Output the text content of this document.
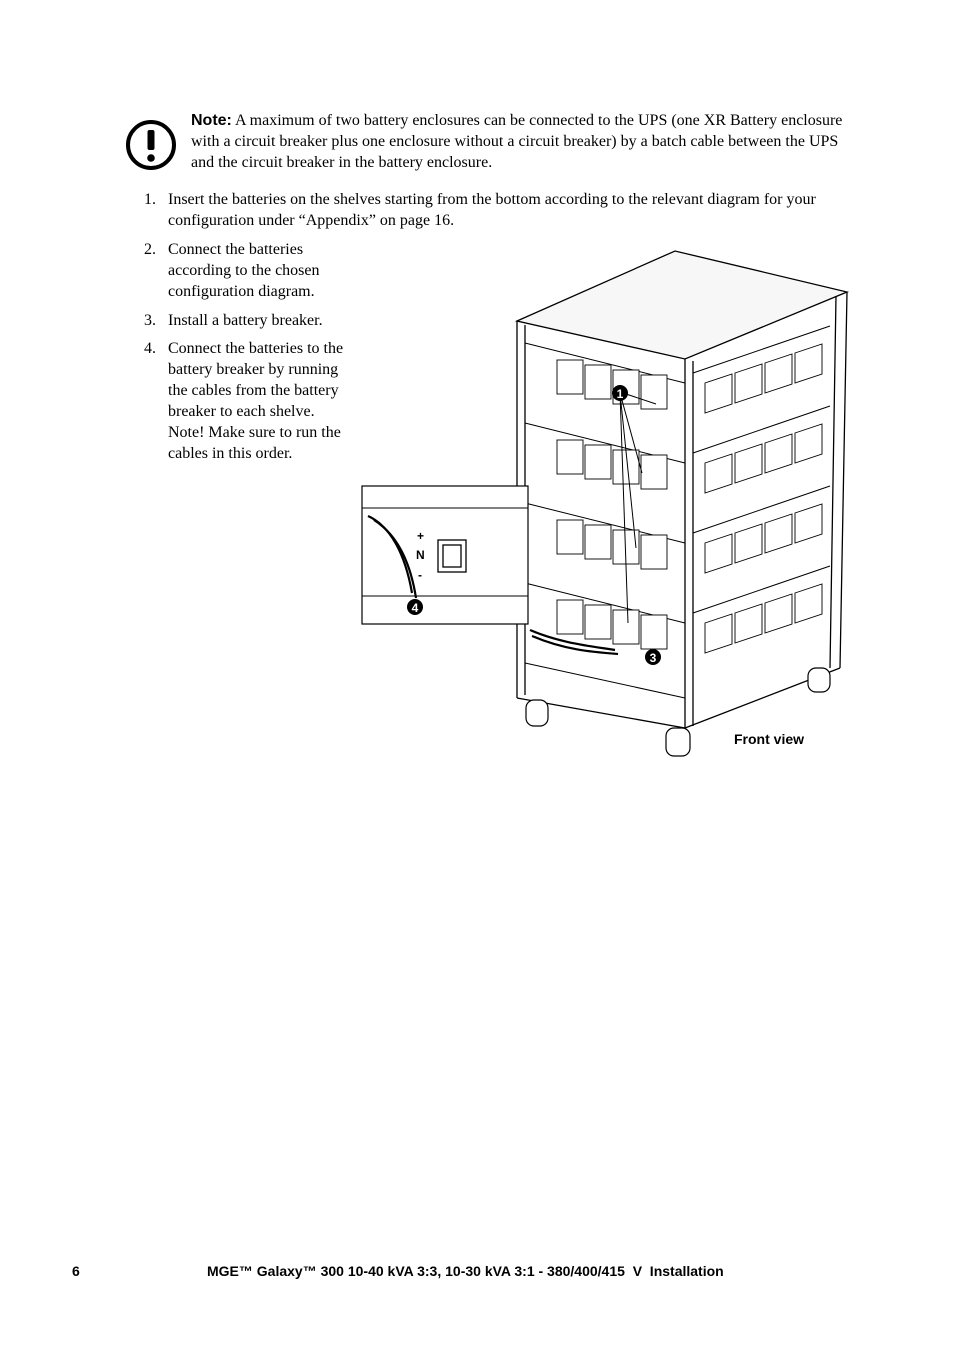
Note: A maximum of two battery enclosures can be connected to the UPS (one XR Battery enclosure with a circuit breaker plus one enclosure without a circuit breaker) by a batch cable between the UPS and the circuit breaker in the battery enclosure.
1. Insert the batteries on the shelves starting from the bottom according to the relevant diagram for your configuration under “Appendix” on page 16.
2. Connect the batteries according to the chosen configuration diagram.
3. Install a battery breaker.
4. Connect the batteries to the battery breaker by running the cables from the battery breaker to each shelve. Note! Make sure to run the cables in this order.
+
N
-
1
3
4
Front view
6	MGE™ Galaxy™ 300 10-40 kVA 3:3, 10-30 kVA 3:1 - 380/400/415  V  Installation
